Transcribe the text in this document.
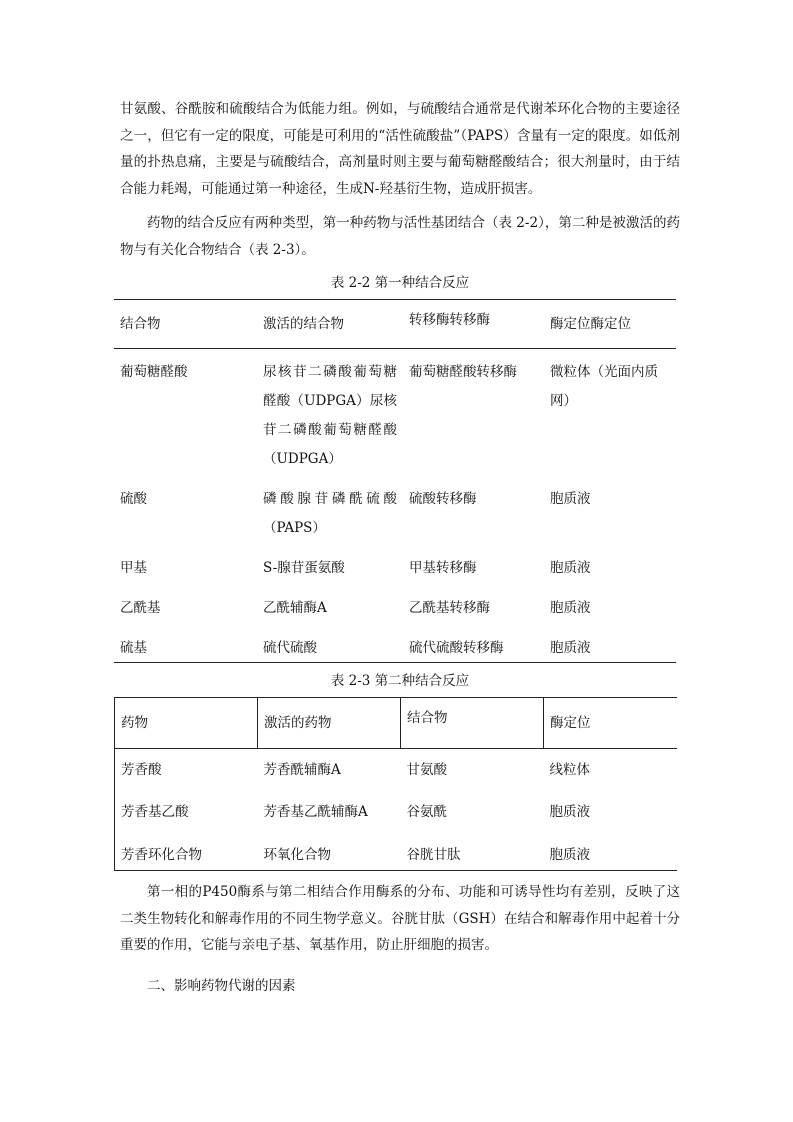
甘氨酸、谷酰胺和硫酸结合为低能力组。例如，与硫酸结合通常是代谢苯环化合物的主要途径之一，但它有一定的限度，可能是可利用的“活性硫酸盐”（PAPS）含量有一定的限度。如低剂量的扑热息痛，主要是与硫酸结合，高剂量时则主要与葡萄糖醛酸结合；很大剂量时，由于结合能力耗竭，可能通过第一种途径，生成N-羟基衍生物，造成肝损害。

药物的结合反应有两种类型，第一种药物与活性基团结合（表 2-2），第二种是被激活的药物与有关化合物结合（表 2-3）。

表 2-2 第一种结合反应
结合物	激活的结合物	转移酶转移酶	酶定位酶定位
葡萄糖醛酸	尿核苷二磷酸葡萄糖醛酸（UDPGA）尿核苷二磷酸葡萄糖醛酸（UDPGA）	葡萄糖醛酸转移酶	微粒体（光面内质网）
硫酸	磷酸腺苷磷酰硫酸（PAPS）	硫酸转移酶	胞质液
甲基	S-腺苷蛋氨酸	甲基转移酶	胞质液
乙酰基	乙酰辅酶A	乙酰基转移酶	胞质液
硫基	硫代硫酸	硫代硫酸转移酶	胞质液
表 2-3 第二种结合反应
药物	激活的药物	结合物	酶定位
芳香酸	芳香酰辅酶A	甘氨酸	线粒体
芳香基乙酸	芳香基乙酰辅酶A	谷氨酰	胞质液
芳香环化合物	环氧化合物	谷胱甘肽	胞质液

第一相的P450酶系与第二相结合作用酶系的分布、功能和可诱导性均有差别，反映了这二类生物转化和解毒作用的不同生物学意义。谷胱甘肽（GSH）在结合和解毒作用中起着十分重要的作用，它能与亲电子基、氧基作用，防止肝细胞的损害。

二、影响药物代谢的因素
